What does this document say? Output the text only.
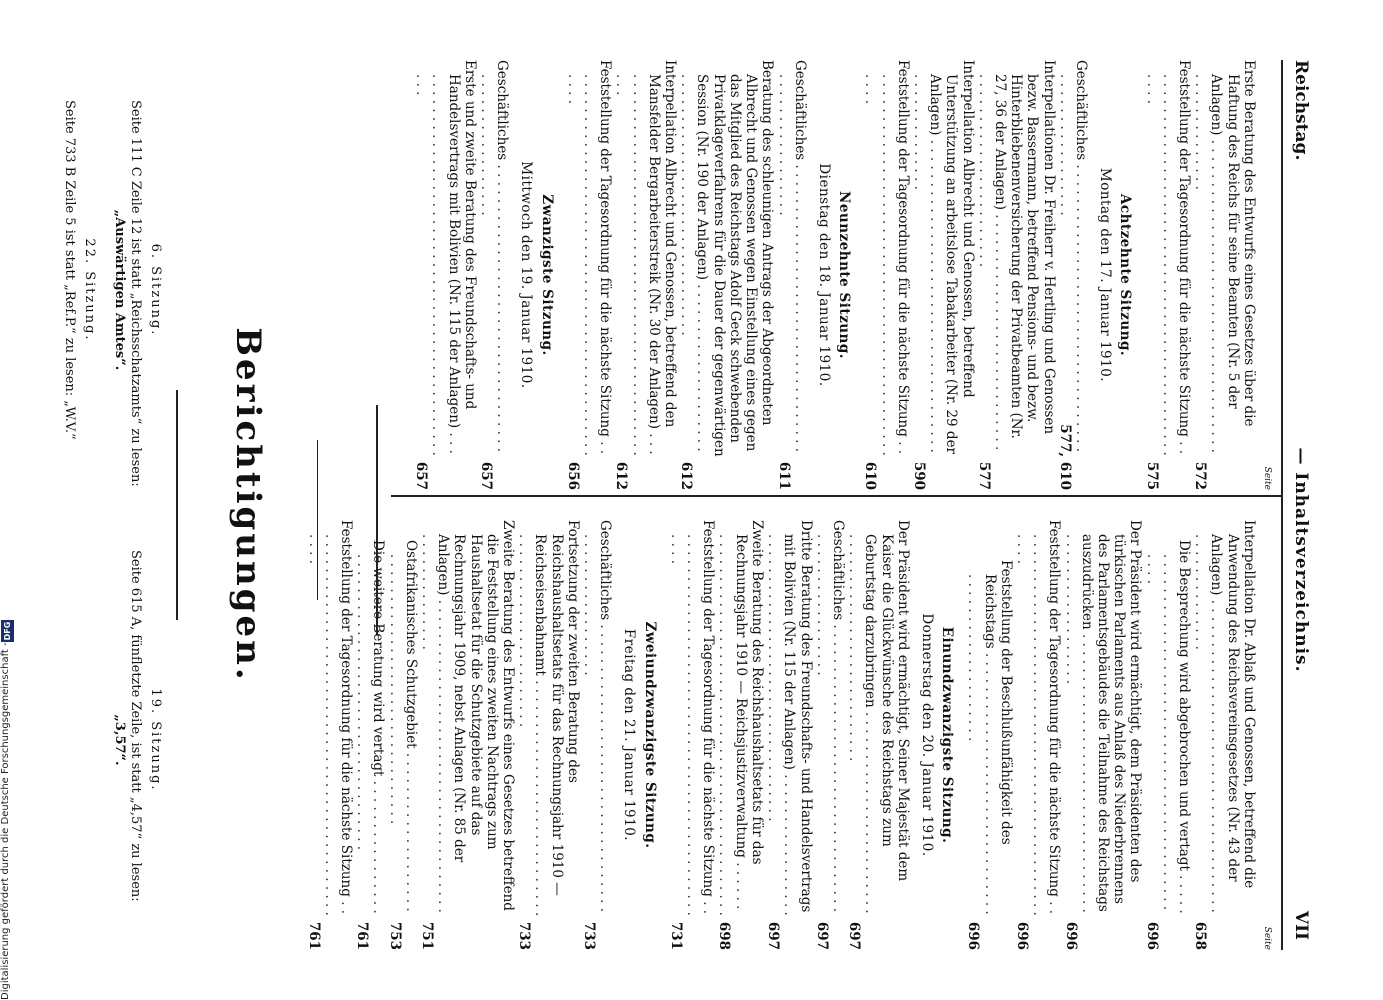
Reichstag.
— Inhaltsverzeichnis.
VII
Seite

Erste Beratung des Entwurfs eines Gesetzes über die Haftung des Reichs für seine Beamten (Nr. 5 der Anlagen) . . .
572

Feststellung der Tagesordnung für die nächste Sitzung . . .
575

Achtzehnte Sitzung.
Montag den 17. Januar 1910.

Geschäftliches . . .
577, 610

Interpellationen Dr. Freiherr v. Hertling und Genossen bezw. Bassermann, betreffend Pensions- und bezw. Hinterbliebenenversicherung der Privatbeamten (Nr. 27, 36 der Anlagen) . . .
577

Interpellation Albrecht und Genossen, betreffend Unterstützung an arbeitslose Tabakarbeiter (Nr. 29 der Anlagen) . . .
590

Feststellung der Tagesordnung für die nächste Sitzung . . .
610

Neunzehnte Sitzung.
Dienstag den 18. Januar 1910.

Geschäftliches . . .
611

Beratung des schleunigen Antrags der Abgeordneten Albrecht und Genossen wegen Einstellung eines gegen das Mitglied des Reichstags Adolf Geck schwebenden Privatklageverfahrens für die Dauer der gegenwärtigen Session (Nr. 190 der Anlagen) . . .
612

Interpellation Albrecht und Genossen, betreffend den Mansfelder Bergarbeiterstreik (Nr. 30 der Anlagen) . . .
612

Feststellung der Tagesordnung für die nächste Sitzung . . .
656

Zwanzigste Sitzung.
Mittwoch den 19. Januar 1910.

Geschäftliches . . .
657

Erste und zweite Beratung des Freundschafts- und Handelsvertrags mit Bolivien (Nr. 115 der Anlagen) . . .
657

Seite

Interpellation Dr. Ablaß und Genossen, betreffend die Anwendung des Reichsvereinsgesetzes (Nr. 43 der Anlagen) . . .
658

Die Besprechung wird abgebrochen und vertagt . . .
696

Der Präsident wird ermächtigt, dem Präsidenten des türkischen Parlaments aus Anlaß des Niederbrennens des Parlamentsgebäudes die Teilnahme des Reichstags auszudrücken . . .
696

Feststellung der Tagesordnung für die nächste Sitzung . . .
696

Feststellung der Beschlußunfähigkeit des Reichstags . . .
696

Einundzwanzigste Sitzung.
Donnerstag den 20. Januar 1910.

Der Präsident wird ermächtigt, Seiner Majestät dem Kaiser die Glückwünsche des Reichstags zum Geburtstag darzubringen . . .
697

Geschäftliches . . .
697

Dritte Beratung des Freundschafts- und Handelsvertrags mit Bolivien (Nr. 115 der Anlagen) . . .
697

Zweite Beratung des Reichshaushaltsetats für das Rechnungsjahr 1910 — Reichsjustizverwaltung . . .
698

Feststellung der Tagesordnung für die nächste Sitzung . . .
731

Zweiundzwanzigste Sitzung.
Freitag den 21. Januar 1910.

Geschäftliches . . .
733

Fortsetzung der zweiten Beratung des Reichshaushaltsetats für das Rechnungsjahr 1910 — Reichseisenbahnamt . . .
733

Zweite Beratung des Entwurfs eines Gesetzes betreffend die Feststellung eines zweiten Nachtrags zum Haushaltsetat für die Schutzgebiete auf das Rechnungsjahr 1909, nebst Anlagen (Nr. 85 der Anlagen) . . .
751

Ostafrikanisches Schutzgebiet . . .
753

Die weitere Beratung wird vertagt . . .
761

Feststellung der Tagesordnung für die nächste Sitzung . . .
761

Berichtigungen.
6. Sitzung.
Seite 111 C Zeile 12 ist statt „Reichsschatzamts“ zu lesen:
„Auswärtigen Amtes“.
22. Sitzung.
Seite 733 B Zeile 5 ist statt „Ref.P.“ zu lesen: „W.V.“
19. Sitzung.
Seite 615 A, fünfletzte Zeile, ist statt „4,57“ zu lesen:
„3,57“.
Digitalisierung gefördert durch die Deutsche Forschungsgemeinschaft -
DFG
